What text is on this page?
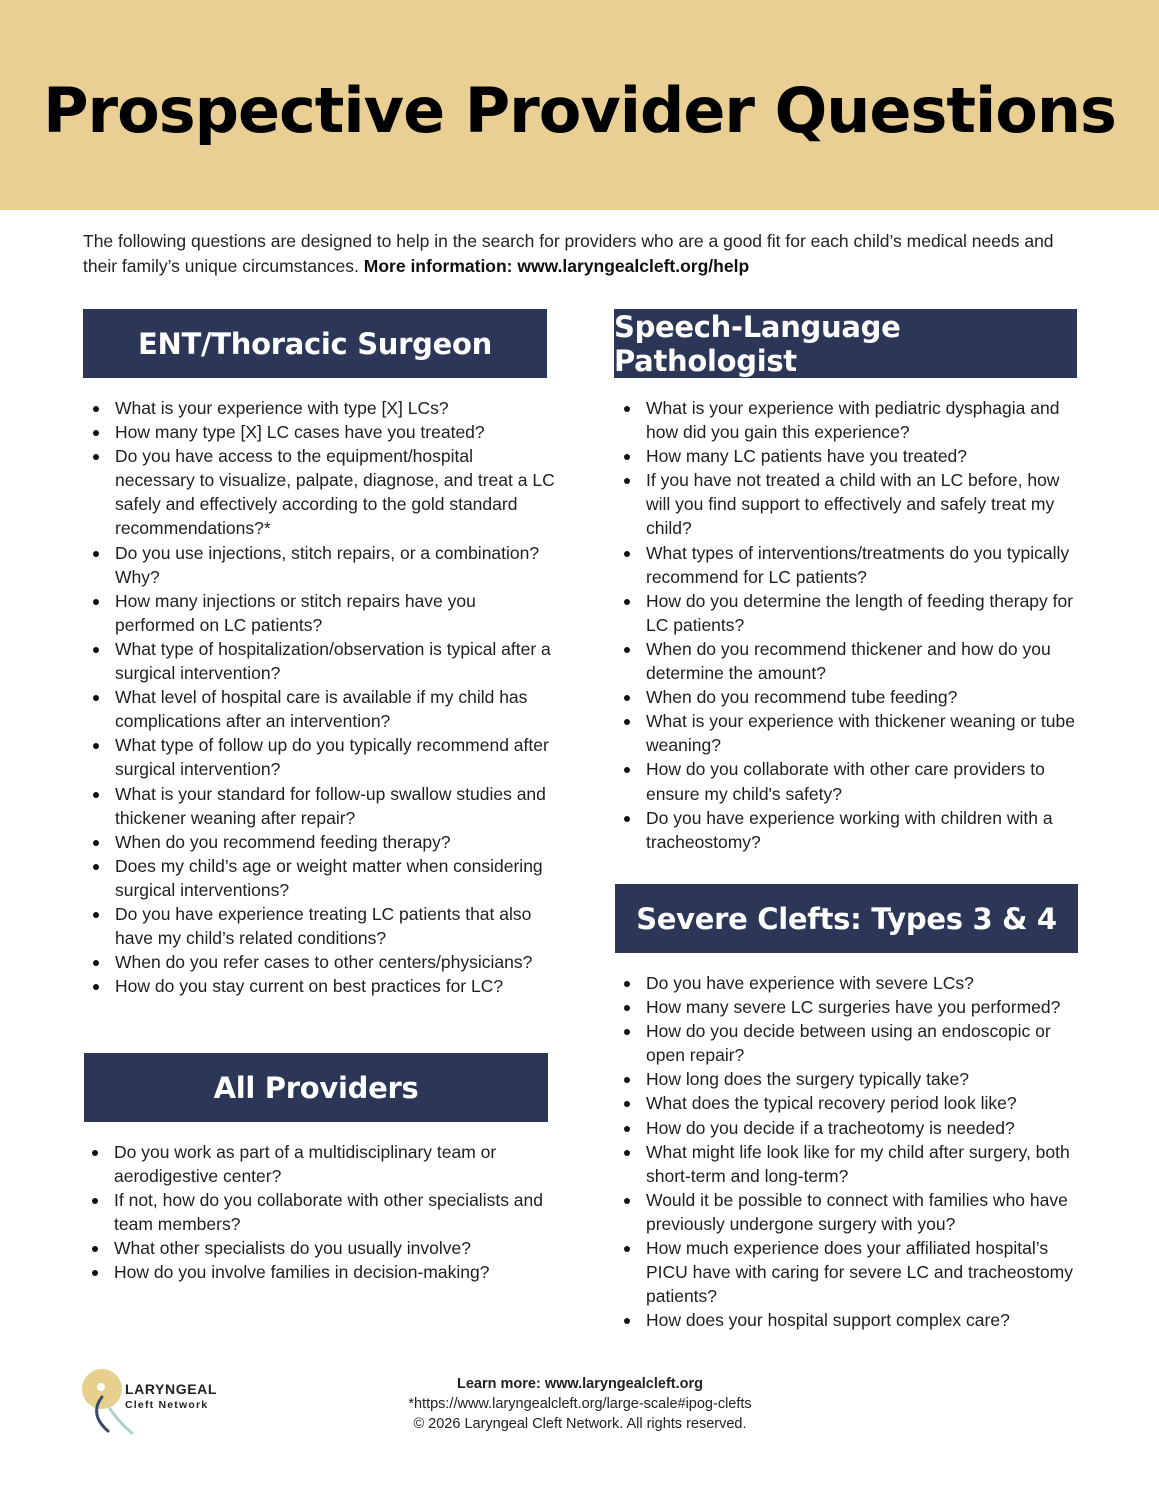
Prospective Provider Questions

The following questions are designed to help in the search for providers who are a good fit for each child’s medical needs and their family’s unique circumstances. More information: www.laryngealcleft.org/help

ENT/Thoracic Surgeon
What is your experience with type [X] LCs?
How many type [X] LC cases have you treated?
Do you have access to the equipment/hospital necessary to visualize, palpate, diagnose, and treat a LC safely and effectively according to the gold standard recommendations?*
Do you use injections, stitch repairs, or a combination? Why?
How many injections or stitch repairs have you performed on LC patients?
What type of hospitalization/observation is typical after a surgical intervention?
What level of hospital care is available if my child has complications after an intervention?
What type of follow up do you typically recommend after surgical intervention?
What is your standard for follow-up swallow studies and thickener weaning after repair?
When do you recommend feeding therapy?
Does my child’s age or weight matter when considering surgical interventions?
Do you have experience treating LC patients that also have my child’s related conditions?
When do you refer cases to other centers/physicians?
How do you stay current on best practices for LC?
All Providers
Do you work as part of a multidisciplinary team or aerodigestive center?
If not, how do you collaborate with other specialists and team members?
What other specialists do you usually involve?
How do you involve families in decision-making?
Speech-Language Pathologist
What is your experience with pediatric dysphagia and how did you gain this experience?
How many LC patients have you treated?
If you have not treated a child with an LC before, how will you find support to effectively and safely treat my child?
What types of interventions/treatments do you typically recommend for LC patients?
How do you determine the length of feeding therapy for LC patients?
When do you recommend thickener and how do you determine the amount?
When do you recommend tube feeding?
What is your experience with thickener weaning or tube weaning?
How do you collaborate with other care providers to ensure my child's safety?
Do you have experience working with children with a tracheostomy?
Severe Clefts: Types 3 & 4
Do you have experience with severe LCs?
How many severe LC surgeries have you performed?
How do you decide between using an endoscopic or open repair?
How long does the surgery typically take?
What does the typical recovery period look like?
How do you decide if a tracheotomy is needed?
What might life look like for my child after surgery, both short-term and long-term?
Would it be possible to connect with families who have previously undergone surgery with you?
How much experience does your affiliated hospital’s PICU have with caring for severe LC and tracheostomy patients?
How does your hospital support complex care?
LARYNGEAL
Cleft Network
Learn more: www.laryngealcleft.org
*https://www.laryngealcleft.org/large-scale#ipog-clefts
© 2026 Laryngeal Cleft Network. All rights reserved.
